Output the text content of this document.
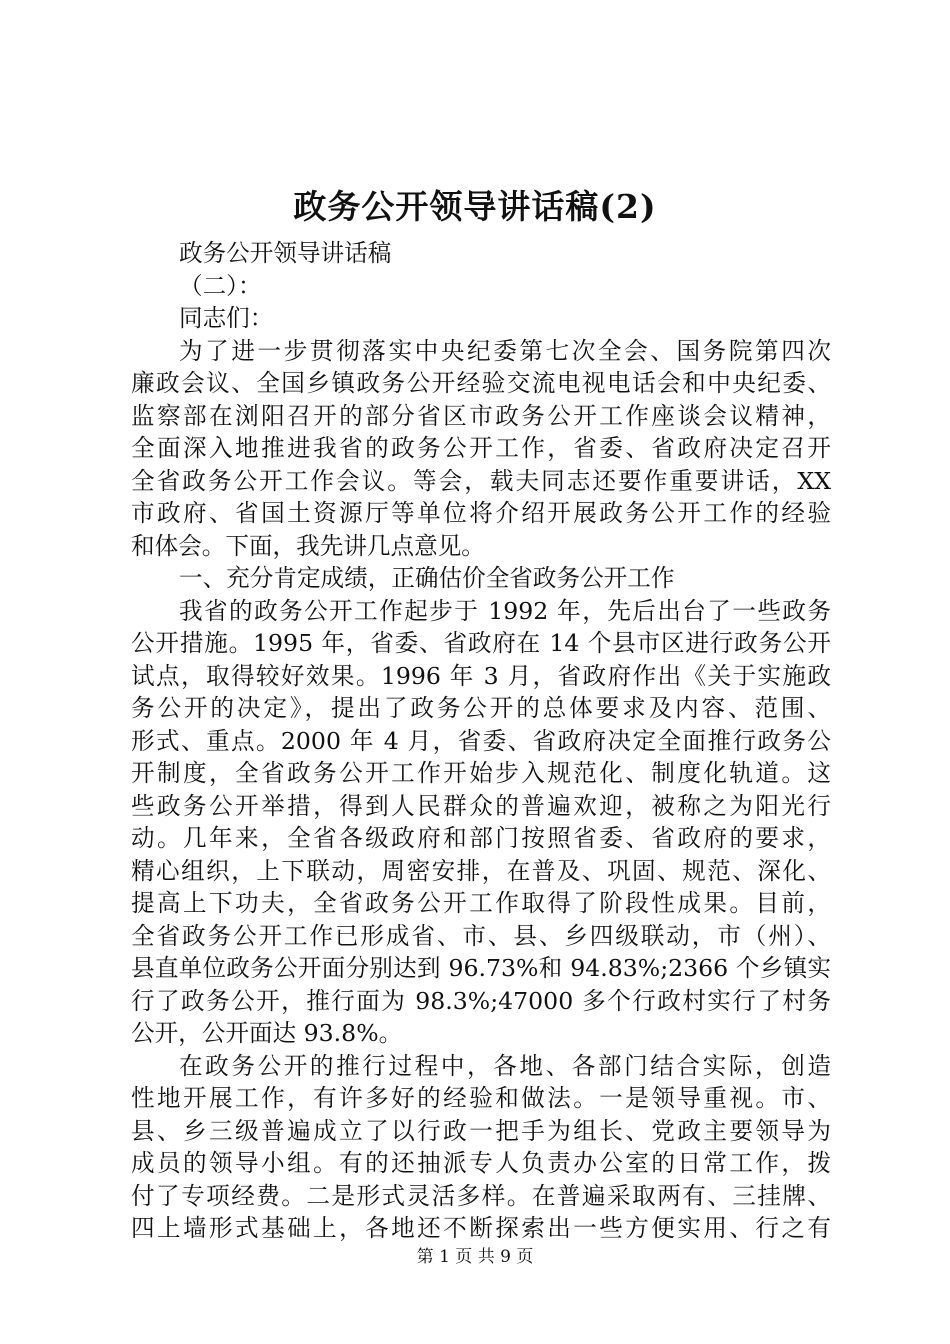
政务公开领导讲话稿(2)
政务公开领导讲话稿
（二）：
同志们：
为了进一步贯彻落实中央纪委第七次全会、国务院第四次
廉政会议、全国乡镇政务公开经验交流电视电话会和中央纪委、
监察部在浏阳召开的部分省区市政务公开工作座谈会议精神，
全面深入地推进我省的政务公开工作，省委、省政府决定召开
全省政务公开工作会议。等会，载夫同志还要作重要讲话，XX
市政府、省国土资源厅等单位将介绍开展政务公开工作的经验
和体会。下面，我先讲几点意见。
一、充分肯定成绩，正确估价全省政务公开工作
我省的政务公开工作起步于 1992 年，先后出台了一些政务
公开措施。1995 年，省委、省政府在 14 个县市区进行政务公开
试点，取得较好效果。1996 年 3 月，省政府作出《关于实施政
务公开的决定》，提出了政务公开的总体要求及内容、范围、
形式、重点。2000 年 4 月，省委、省政府决定全面推行政务公
开制度，全省政务公开工作开始步入规范化、制度化轨道。这
些政务公开举措，得到人民群众的普遍欢迎，被称之为阳光行
动。几年来，全省各级政府和部门按照省委、省政府的要求，
精心组织，上下联动，周密安排，在普及、巩固、规范、深化、
提高上下功夫，全省政务公开工作取得了阶段性成果。目前，
全省政务公开工作已形成省、市、县、乡四级联动，市（州）、
县直单位政务公开面分别达到 96.73%和 94.83%;2366 个乡镇实
行了政务公开，推行面为 98.3%;47000 多个行政村实行了村务
公开，公开面达 93.8%。
在政务公开的推行过程中，各地、各部门结合实际，创造
性地开展工作，有许多好的经验和做法。一是领导重视。市、
县、乡三级普遍成立了以行政一把手为组长、党政主要领导为
成员的领导小组。有的还抽派专人负责办公室的日常工作，拨
付了专项经费。二是形式灵活多样。在普遍采取两有、三挂牌、
四上墙形式基础上，各地还不断探索出一些方便实用、行之有
第 1 页 共 9 页
